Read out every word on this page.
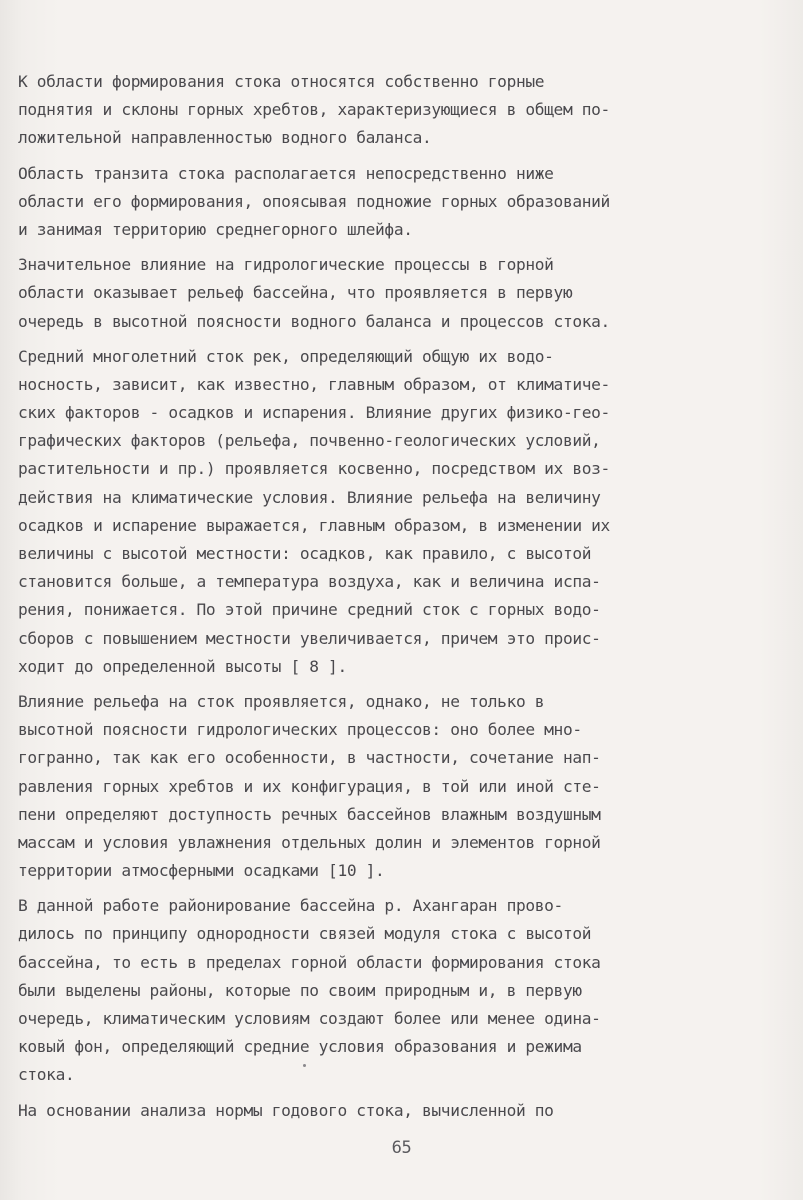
К области формирования стока относятся собственно горные
поднятия и склоны горных хребтов, характеризующиеся в общем по-
ложительной направленностью водного баланса.
Область транзита стока располагается непосредственно ниже
области его формирования, опоясывая подножие горных образований
и занимая территорию среднегорного шлейфа.
Значительное влияние на гидрологические процессы в горной
области оказывает рельеф бассейна, что проявляется в первую
очередь в высотной поясности водного баланса и процессов стока.
Средний многолетний сток рек, определяющий общую их водо-
носность, зависит, как известно, главным образом, от климатиче-
ских факторов - осадков и испарения. Влияние других физико-гео-
графических факторов (рельефа, почвенно-геологических условий,
растительности и пр.) проявляется косвенно, посредством их воз-
действия на климатические условия. Влияние рельефа на величину
осадков и испарение выражается, главным образом, в изменении их
величины с высотой местности: осадков, как правило, с высотой
становится больше, а температура воздуха, как и величина испа-
рения, понижается. По этой причине средний сток с горных водо-
сборов с повышением местности увеличивается, причем это проис-
ходит до определенной высоты [ 8 ].
Влияние рельефа на сток проявляется, однако, не только в
высотной поясности гидрологических процессов: оно более мно-
гогранно, так как его особенности, в частности, сочетание нап-
равления горных хребтов и их конфигурация, в той или иной сте-
пени определяют доступность речных бассейнов влажным воздушным
массам и условия увлажнения отдельных долин и элементов горной
территории атмосферными осадками [10 ].
В данной работе районирование бассейна р. Ахангаран прово-
дилось по принципу однородности связей модуля стока с высотой
бассейна, то есть в пределах горной области формирования стока
были выделены районы, которые по своим природным и, в первую
очередь, климатическим условиям создают более или менее одина-
ковый фон, определяющий средние условия образования и режима
стока.
На основании анализа нормы годового стока, вычисленной по
65
